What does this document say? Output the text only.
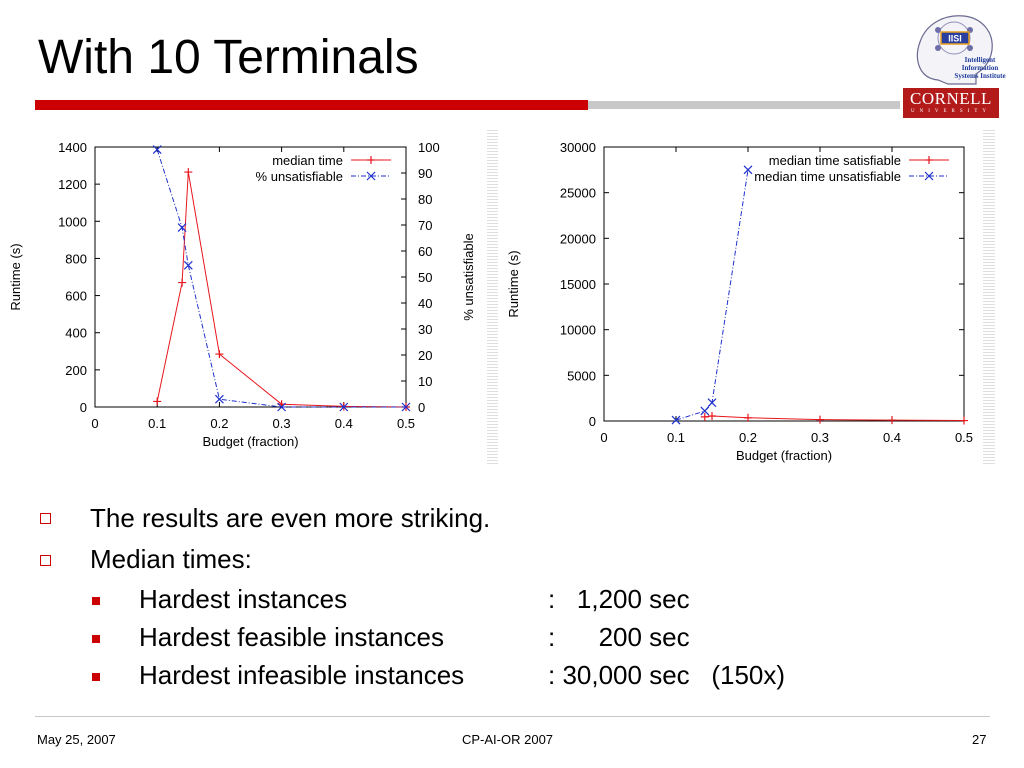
With 10 Terminals	IISI
Intelligent Information Systems Institute
CORNELL
UNIVERSITY
0	0.1	0.2	0.3	0.4	0.5
0
200
400
600
800
1000
1200
1400
0
10
20
30
40
50
60
70
80
90
100
% unsatisfiable
Runtime (s)
Budget (fraction)
median time
% unsatisfiable
0	0.1	0.2	0.3	0.4	0.5
0
5000
10000
15000
20000
25000
30000
Runtime (s)
Budget (fraction)
median time satisfiable
median time unsatisfiable
The results are even more striking.
Median times:
Hardest instances	:   1,200 sec
Hardest feasible instances	:      200 sec
Hardest infeasible instances	: 30,000 sec   (150x)
May 25, 2007	CP-AI-OR 2007	27
